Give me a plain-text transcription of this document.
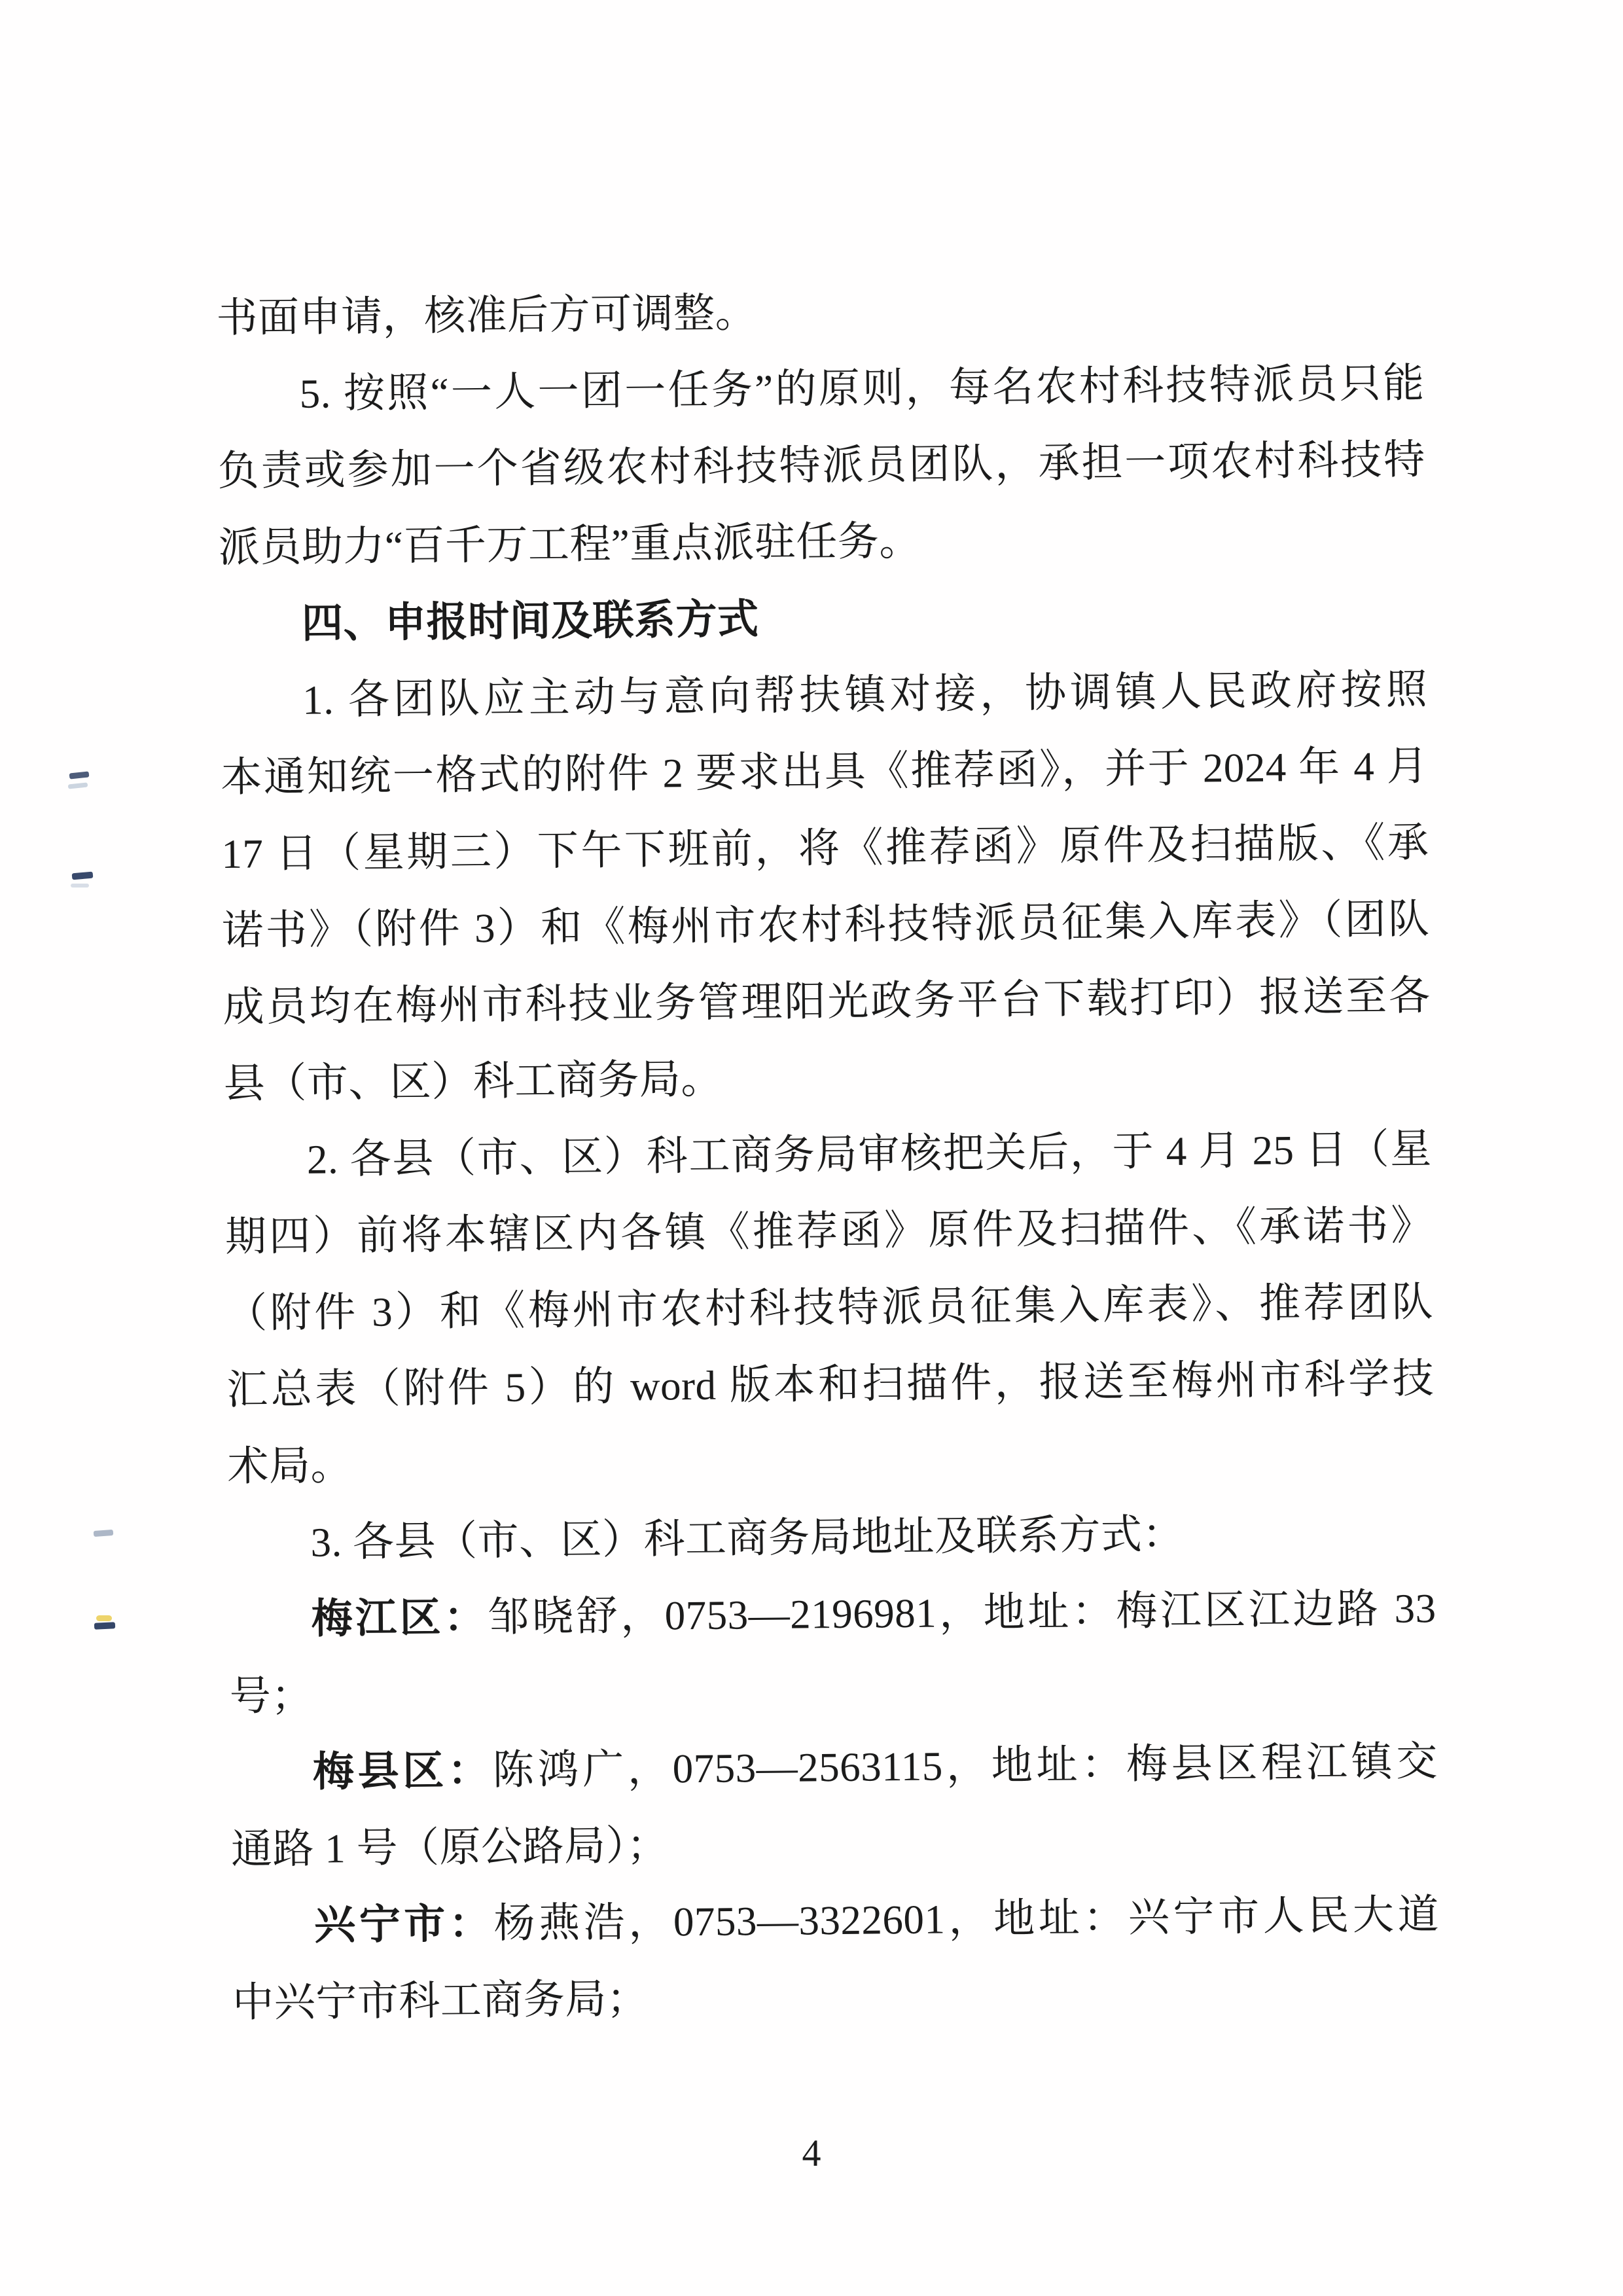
书面申请，核准后方可调整。
5. 按照“一人一团一任务”的原则，每名农村科技特派员只能
负责或参加一个省级农村科技特派员团队，承担一项农村科技特
派员助力“百千万工程”重点派驻任务。
四、申报时间及联系方式
1. 各团队应主动与意向帮扶镇对接，协调镇人民政府按照
本通知统一格式的附件 2 要求出具《推荐函》，并于 2024 年 4 月
17 日（星期三）下午下班前，将《推荐函》原件及扫描版、《承
诺书》（附件 3）和《梅州市农村科技特派员征集入库表》（团队
成员均在梅州市科技业务管理阳光政务平台下载打印）报送至各
县（市、区）科工商务局。
2. 各县（市、区）科工商务局审核把关后，于 4 月 25 日（星
期四）前将本辖区内各镇《推荐函》原件及扫描件、《承诺书》
（附件 3）和《梅州市农村科技特派员征集入库表》、推荐团队
汇总表（附件 5）的 word 版本和扫描件，报送至梅州市科学技
术局。
3. 各县（市、区）科工商务局地址及联系方式：
梅江区：邹晓舒，0753—2196981，地址：梅江区江边路 33
号；
梅县区：陈鸿广，0753—2563115，地址：梅县区程江镇交
通路 1 号（原公路局）；
兴宁市：杨燕浩，0753—3322601，地址：兴宁市人民大道
中兴宁市科工商务局；
4
